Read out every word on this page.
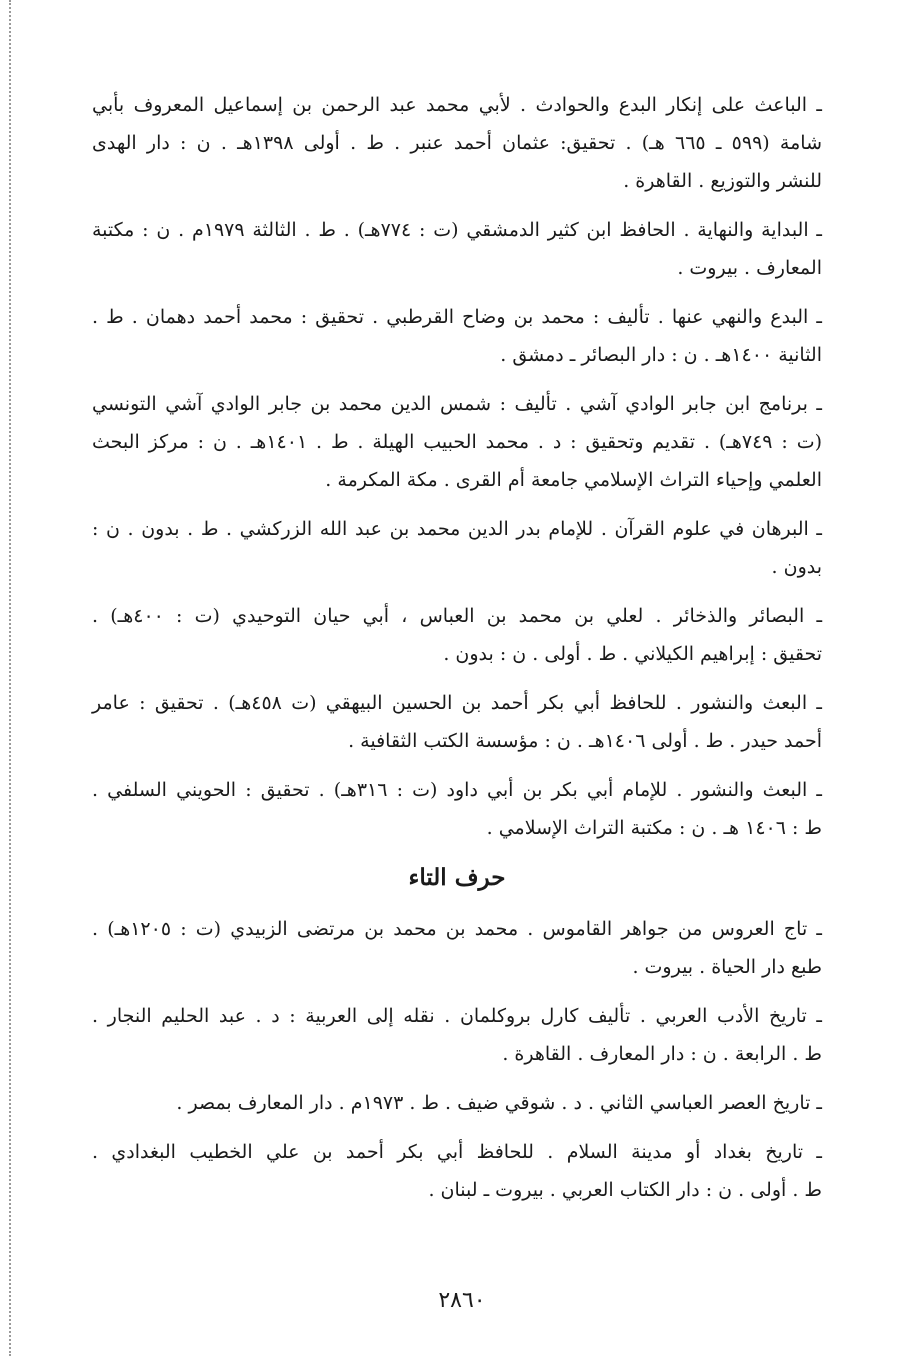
ـ الباعث على إنكار البدع والحوادث . لأبي محمد عبد الرحمن بن إسماعيل المعروف بأبي
شامة (٥٩٩ ـ ٦٦٥ هـ) . تحقيق: عثمان أحمد عنبر . ط . أولى ١٣٩٨هـ . ن : دار الهدى
للنشر والتوزيع . القاهرة .
ـ البداية والنهاية . الحافظ ابن كثير الدمشقي (ت : ٧٧٤هـ) . ط . الثالثة ١٩٧٩م . ن : مكتبة
المعارف . بيروت .
ـ البدع والنهي عنها . تأليف : محمد بن وضاح القرطبي . تحقيق : محمد أحمد دهمان . ط .
الثانية ١٤٠٠هـ . ن : دار البصائر ـ دمشق .
ـ برنامج ابن جابر الوادي آشي . تأليف : شمس الدين محمد بن جابر الوادي آشي التونسي
(ت : ٧٤٩هـ) . تقديم وتحقيق : د . محمد الحبيب الهيلة . ط . ١٤٠١هـ . ن : مركز البحث
العلمي وإحياء التراث الإسلامي جامعة أم القرى . مكة المكرمة .
ـ البرهان في علوم القرآن . للإمام بدر الدين محمد بن عبد الله الزركشي . ط . بدون . ن :
بدون .
ـ البصائر والذخائر . لعلي بن محمد بن العباس ، أبي حيان التوحيدي (ت : ٤٠٠هـ) .
تحقيق : إبراهيم الكيلاني . ط . أولى . ن : بدون .
ـ البعث والنشور . للحافظ أبي بكر أحمد بن الحسين البيهقي (ت ٤٥٨هـ) . تحقيق : عامر
أحمد حيدر . ط . أولى ١٤٠٦هـ . ن : مؤسسة الكتب الثقافية .
ـ البعث والنشور . للإمام أبي بكر بن أبي داود (ت : ٣١٦هـ) . تحقيق : الحويني السلفي .
ط : ١٤٠٦ هـ . ن : مكتبة التراث الإسلامي .
حرف التاء
ـ تاج العروس من جواهر القاموس . محمد بن محمد بن مرتضى الزبيدي (ت : ١٢٠٥هـ) .
طبع دار الحياة . بيروت .
ـ تاريخ الأدب العربي . تأليف كارل بروكلمان . نقله إلى العربية : د . عبد الحليم النجار .
ط . الرابعة . ن : دار المعارف . القاهرة .
ـ تاريخ العصر العباسي الثاني . د . شوقي ضيف . ط . ١٩٧٣م . دار المعارف بمصر .
ـ تاريخ بغداد أو مدينة السلام . للحافظ أبي بكر أحمد بن علي الخطيب البغدادي .
ط . أولى . ن : دار الكتاب العربي . بيروت ـ لبنان .
٢٨٦٠
